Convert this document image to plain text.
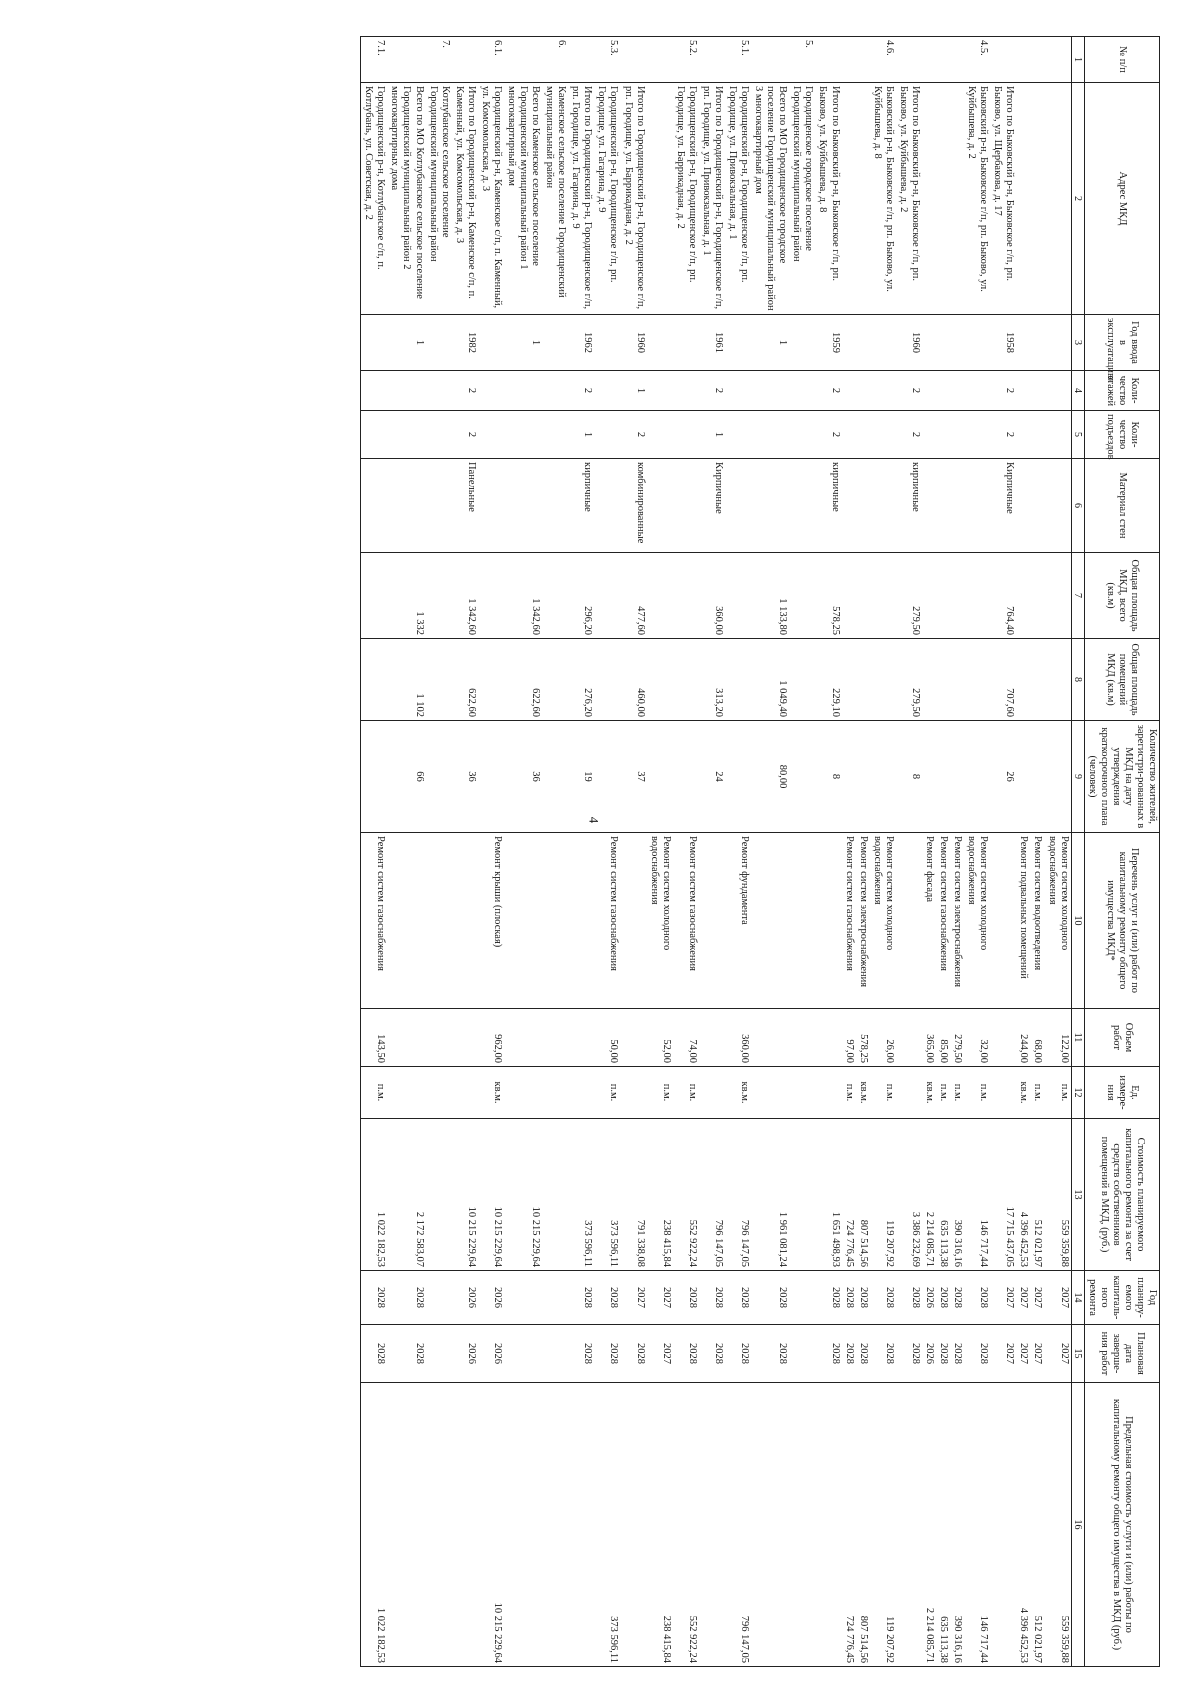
4
№ п/п	Адрес МКД	Год ввода в эксплуатацию	Коли-чество этажей	Коли-чество подъездов	Материал стен	Общая площадь МКД, всего (кв.м)	Общая площадь помещений МКД (кв.м)	Количество жителей, зарегистри-рованных в МКД на дату утверждения краткосрочного плана (человек)	Перечень услуг и (или) работ по капитальному ремонту общего имущества МКД*	Объем работ	Ед. измере-ния	Стоимость планируемого капитального ремонта за счет средств собственников помещений в МКД, (руб.)	Год планиру-емого капиталь-ного ремонта	Плановая дата заверше-ния работ	Предельная стоимость услуги и (или) работы по капитальному ремонту общего имущества в МКД (руб.)
1	2	3	4	5	6	7	8	9	10	11	12	13	14	15	16
									Ремонт систем холодного водоснабжения	122,00	п.м.	559 359,88	2027	2027	559 359,88
									Ремонт систем водоотведения	68,00	п.м.	512 021,97	2027	2027	512 021,97
									Ремонт подвальных помещений	244,00	кв.м.	4 396 452,53	2027	2027	4 396 452,53
	Итого по Быковский р-н, Быковское г/п, рп. Быково, ул. Щербакова, д. 17	1958	2	2	Кирпичные	764,40	707,60	26				17 715 437,05	2027	2027	
4.5.	Быковский р-н, Быковское г/п, рп. Быково, ул. Куйбышева, д. 2								Ремонт систем холодного водоснабжения	32,00	п.м.	146 717,44	2028	2028	146 717,44
									Ремонт систем электроснабжения	279,50	п.м.	390 316,16	2028	2028	390 316,16
									Ремонт систем газоснабжения	85,00	п.м.	635 113,38	2028	2028	635 113,38
									Ремонт фасада	365,00	кв.м.	2 214 085,71	2026	2026	2 214 085,71
	Итого по Быковский р-н, Быковское г/п, рп. Быково, ул. Куйбышева, д. 2	1960	2	2	кирпичные	279,50	279,50	8				3 386 232,69	2028	2028	
4.6.	Быковский р-н, Быковское г/п, рп. Быково, ул. Куйбышева, д. 8								Ремонт систем холодного водоснабжения	26,00	п.м.	119 207,92	2028	2028	119 207,92
									Ремонт систем электроснабжения	578,25	кв.м.	807 514,56	2028	2028	807 514,56
									Ремонт систем газоснабжения	97,00	п.м.	724 776,45	2028	2028	724 776,45
	Итого по Быковский р-н, Быковское г/п, рп. Быково, ул. Куйбышева, д. 8	1959	2	2	кирпичные	578,25	229,10	8				1 651 498,93	2028	2028	
5.	Городищенское городское поселение Городищенский муниципальный район														
	Всего по МО Городищенское городское поселение Городищенский муниципальный район 3 многоквартирный дом	1				1 133,80	1 049,40	80,00				1 961 081,24	2028	2028	
5.1.	Городищенский р-н, Городищенское г/п, рп. Городище, ул. Привокзальная, д. 1								Ремонт фундамента	360,00	кв.м.	796 147,05	2028	2028	796 147,05
	Итого по Городищенский р-н, Городищенское г/п, рп. Городище, ул. Привокзальная, д. 1	1961	2	1	Кирпичные	360,00	313,20	24				796 147,05	2028	2028	
5.2.	Городищенский р-н, Городищенское г/п, рп. Городище, ул. Баррикадная, д. 2								Ремонт систем газоснабжения	74,00	п.м.	552 922,24	2028	2028	552 922,24
									Ремонт систем холодного водоснабжения	52,00	п.м.	238 415,84	2027	2027	238 415,84
	Итого по Городищенский р-н, Городищенское г/п, рп. Городище, ул. Баррикадная, д. 2	1960	1	2	комбинированные	477,60	460,00	37				791 338,08	2027	2028	
5.3.	Городищенский р-н, Городищенское г/п, рп. Городище, ул. Гагарина, д. 9								Ремонт систем газоснабжения	50,00	п.м.	373 596,11	2028	2028	373 596,11
	Итого по Городищенский р-н, Городищенское г/п, рп. Городище, ул. Гагарина, д. 9	1962	2	1	кирпичные	296,20	276,20	19				373 596,11	2028	2028	
6.	Каменское сельское поселение Городищенский муниципальный район														
	Всего по Каменское сельское поселение Городищенский муниципальный район 1 многоквартирный дом	1				1 342,60	622,60	36				10 215 229,64			
6.1.	Городищенский р-н, Каменское с/п, п. Каменный, ул. Комсомольская, д. 3								Ремонт крыши (плоская)	962,00	кв.м.	10 215 229,64	2026	2026	10 215 229,64
	Итого по Городищенский р-н, Каменское с/п, п. Каменный, ул. Комсомольская, д. 3	1982	2	2	Панельные	1 342,60	622,60	36				10 215 229,64	2026	2026	
7.	Котлубанское сельское поселение Городищенский муниципальный район														
	Всего по МО Котлубанское сельское поселение Городищенский муниципальный район 2 многоквартирных дома	1				1 332	1 102	66				2 172 583,07	2028	2028	
7.1.	Городищенский р-н, Котлубанское с/п, п. Котлубань, ул. Советская, д. 2								Ремонт систем газоснабжения	143,50	п.м.	1 022 182,53	2028	2028	1 022 182,53
